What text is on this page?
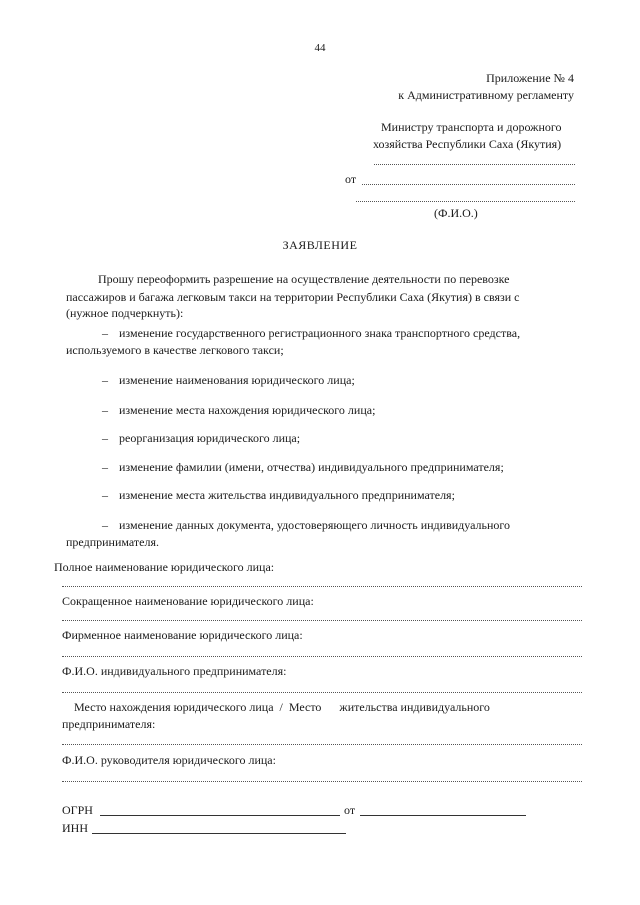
44
Приложение № 4
к Административному регламенту
Министру транспорта и дорожного
хозяйства Республики Саха (Якутия)
от
(Ф.И.О.)
ЗАЯВЛЕНИЕ
Прошу переоформить разрешение на осуществление деятельности по перевозке
пассажиров и багажа легковым такси на территории Республики Саха (Якутия) в связи с
(нужное подчеркнуть):
– изменение государственного регистрационного знака транспортного средства,
используемого в качестве легкового такси;
– изменение наименования юридического лица;
– изменение места нахождения юридического лица;
– реорганизация юридического лица;
– изменение фамилии (имени, отчества) индивидуального предпринимателя;
– изменение места жительства индивидуального предпринимателя;
– изменение данных документа, удостоверяющего личность индивидуального
предпринимателя.
Полное наименование юридического лица:
Сокращенное наименование юридического лица:
Фирменное наименование юридического лица:
Ф.И.О. индивидуального предпринимателя:
Место нахождения юридического лица  /  Место      жительства индивидуального
предпринимателя:
Ф.И.О. руководителя юридического лица:
ОГРН	от
ИНН
